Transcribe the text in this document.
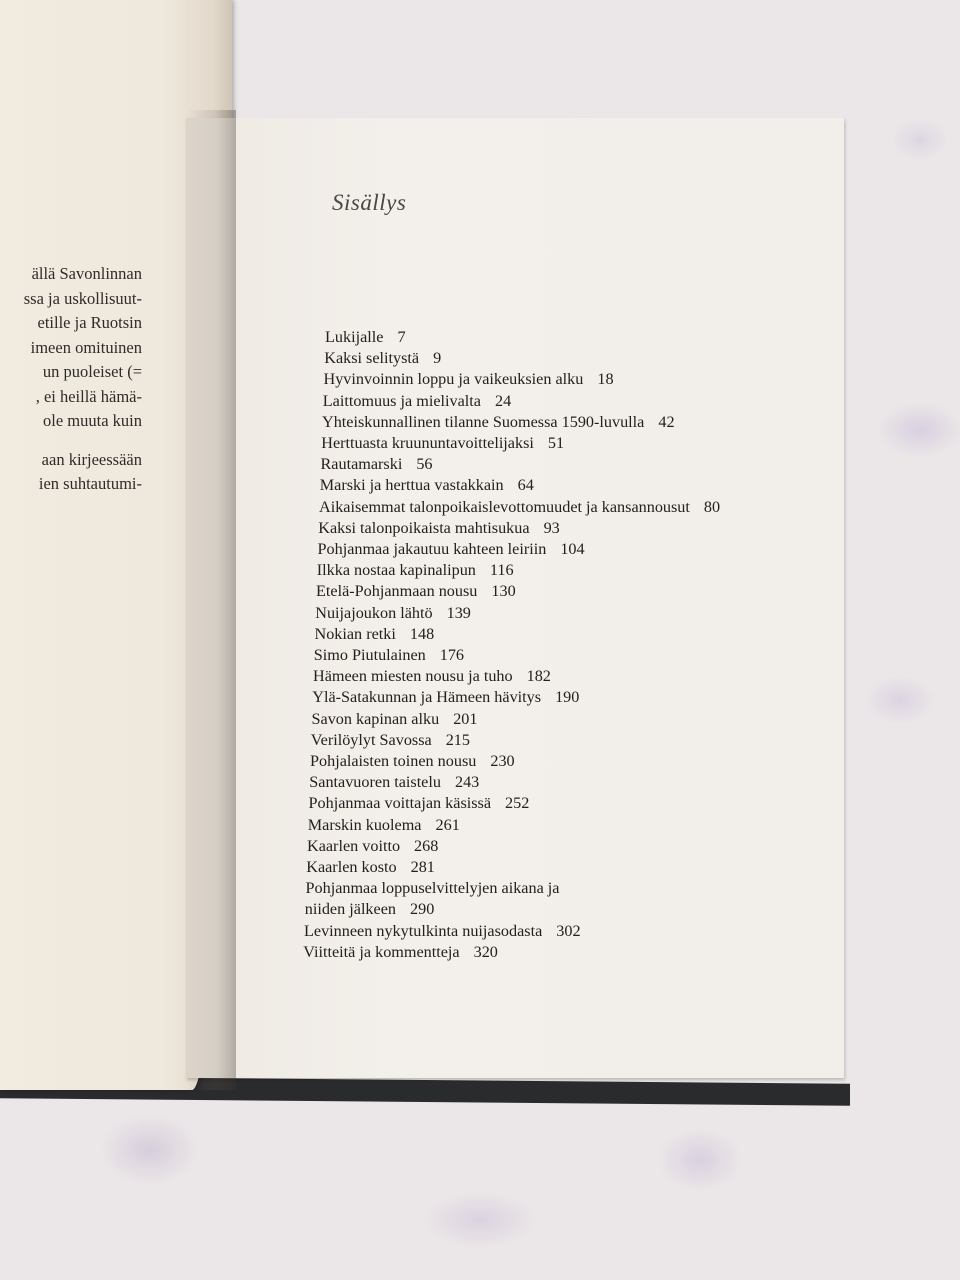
ällä Savonlinnan
ssa ja uskollisuut-
etille ja Ruotsin
imeen omituinen
un puoleiset (=
, ei heillä hämä-
ole muuta kuin
aan kirjeessään
ien suhtautumi-
Sisällys
Lukijalle 7
Kaksi selitystä 9
Hyvinvoinnin loppu ja vaikeuksien alku 18
Laittomuus ja mielivalta 24
Yhteiskunnallinen tilanne Suomessa 1590-luvulla 42
Herttuasta kruununtavoittelijaksi 51
Rautamarski 56
Marski ja herttua vastakkain 64
Aikaisemmat talonpoikaislevottomuudet ja kansannousut 80
Kaksi talonpoikaista mahtisukua 93
Pohjanmaa jakautuu kahteen leiriin 104
Ilkka nostaa kapinalipun 116
Etelä-Pohjanmaan nousu 130
Nuijajoukon lähtö 139
Nokian retki 148
Simo Piutulainen 176
Hämeen miesten nousu ja tuho 182
Ylä-Satakunnan ja Hämeen hävitys 190
Savon kapinan alku 201
Verilöylyt Savossa 215
Pohjalaisten toinen nousu 230
Santavuoren taistelu 243
Pohjanmaa voittajan käsissä 252
Marskin kuolema 261
Kaarlen voitto 268
Kaarlen kosto 281
Pohjanmaa loppuselvittelyjen aikana ja
niiden jälkeen 290
Levinneen nykytulkinta nuijasodasta 302
Viitteitä ja kommentteja 320
